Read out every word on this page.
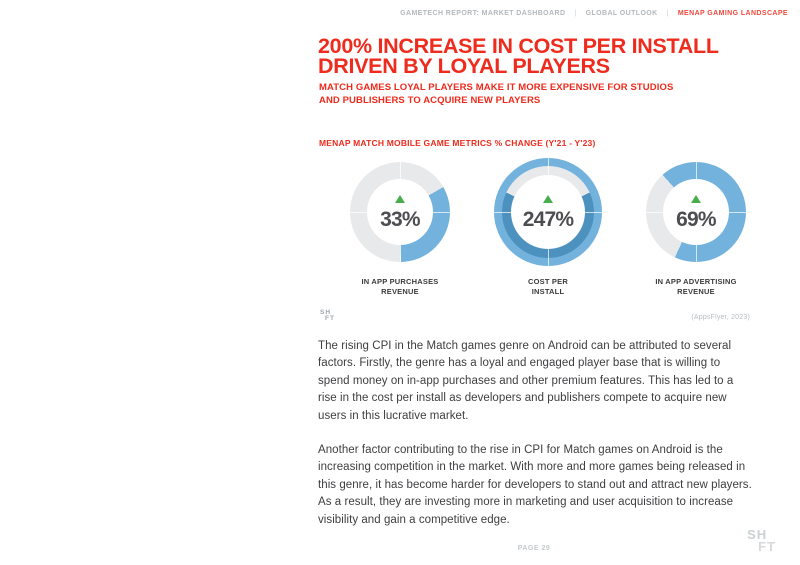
GAMETECH REPORT: MARKET DASHBOARD | GLOBAL OUTLOOK | MENAP GAMING LANDSCAPE
200% INCREASE IN COST PER INSTALL
DRIVEN BY LOYAL PLAYERS
MATCH GAMES LOYAL PLAYERS MAKE IT MORE EXPENSIVE FOR STUDIOS
AND PUBLISHERS TO ACQUIRE NEW PLAYERS
MENAP MATCH MOBILE GAME METRICS % CHANGE (Y'21 - Y'23)
33%	247%	69%
IN APP PURCHASES
REVENUE
COST PER
INSTALL
IN APP ADVERTISING
REVENUE
SH
FT	(AppsFlyer, 2023)

The rising CPI in the Match games genre on Android can be attributed to several factors. Firstly, the genre has a loyal and engaged player base that is willing to spend money on in-app purchases and other premium features. This has led to a rise in the cost per install as developers and publishers compete to acquire new users in this lucrative market.

Another factor contributing to the rise in CPI for Match games on Android is the increasing competition in the market. With more and more games being released in this genre, it has become harder for developers to stand out and attract new players. As a result, they are investing more in marketing and user acquisition to increase visibility and gain a competitive edge.

PAGE 29
SH
FT
